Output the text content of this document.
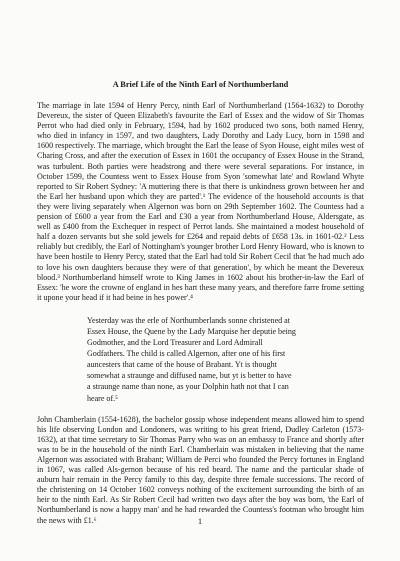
A Brief Life of the Ninth Earl of Northumberland

The marriage in late 1594 of Henry Percy, ninth Earl of Northumberland (1564-1632) to Dorothy Devereux, the sister of Queen Elizabeth's favourite the Earl of Essex and the widow of Sir Thomas Perrot who had died only in February, 1594, had by 1602 produced two sons, both named Henry, who died in infancy in 1597, and two daughters, Lady Dorothy and Lady Lucy, born in 1598 and 1600 respectively. The marriage, which brought the Earl the lease of Syon House, eight miles west of Charing Cross, and after the execution of Essex in 1601 the occupancy of Essex House in the Strand, was turbulent. Both parties were headstrong and there were several separations. For instance, in October 1599, the Countess went to Essex House from Syon 'somewhat late' and Rowland Whyte reported to Sir Robert Sydney: 'A muttering there is that there is unkindness grown between her and the Earl her husband upon which they are parted'.¹ The evidence of the household accounts is that they were living separately when Algernon was born on 29th September 1602. The Countess had a pension of £600 a year from the Earl and £30 a year from Northumberland House, Aldersgate, as well as £400 from the Exchequer in respect of Perrot lands. She maintained a modest household of half a dozen servants but she sold jewels for £264 and repaid debts of £658 13s. in 1601-02.² Less reliably but credibly, the Earl of Nottingham's younger brother Lord Henry Howard, who is known to have been hostile to Henry Percy, stated that the Earl had told Sir Robert Cecil that 'he had much ado to love his own daughters because they were of that generation', by which he meant the Devereux blood.³ Northumberland himself wrote to King James in 1602 about his brother-in-law the Earl of Essex: 'he wore the crowne of england in hes hart these many years, and therefore farre frome setting it upone your head if it had beine in hes power'.⁴

Yesterday was the erle of Northumberlands sonne christened at

Essex House, the Quene by the Lady Marquise her deputie being

Godmother, and the Lord Treasurer and Lord Admirall

Godfathers. The child is called Algernon, after one of his first

auncesters that came of the house of Brabant. Yt is thought

somewhat a straunge and diffused name, but yt is better to have

a straunge name than none, as your Dolphin hath not that I can

heare of.⁵

John Chamberlain (1554-1628), the bachelor gossip whose independent means allowed him to spend his life observing London and Londoners, was writing to his great friend, Dudley Carleton (1573-1632), at that time secretary to Sir Thomas Parry who was on an embassy to France and shortly after was to be in the household of the ninth Earl. Chamberlain was mistaken in believing that the name Algernon was associated with Brabant; William de Perci who founded the Percy fortunes in England in 1067, was called Als-gernon because of his red beard. The name and the particular shade of auburn hair remain in the Percy family to this day, despite three female successions. The record of the christening on 14 October 1602 conveys nothing of the excitement surrounding the birth of an heir to the ninth Earl. As Sir Robert Cecil had written two days after the boy was born, 'the Earl of Northumberland is now a happy man' and he had rewarded the Countess's footman who brought him the news with £1.⁶	1
